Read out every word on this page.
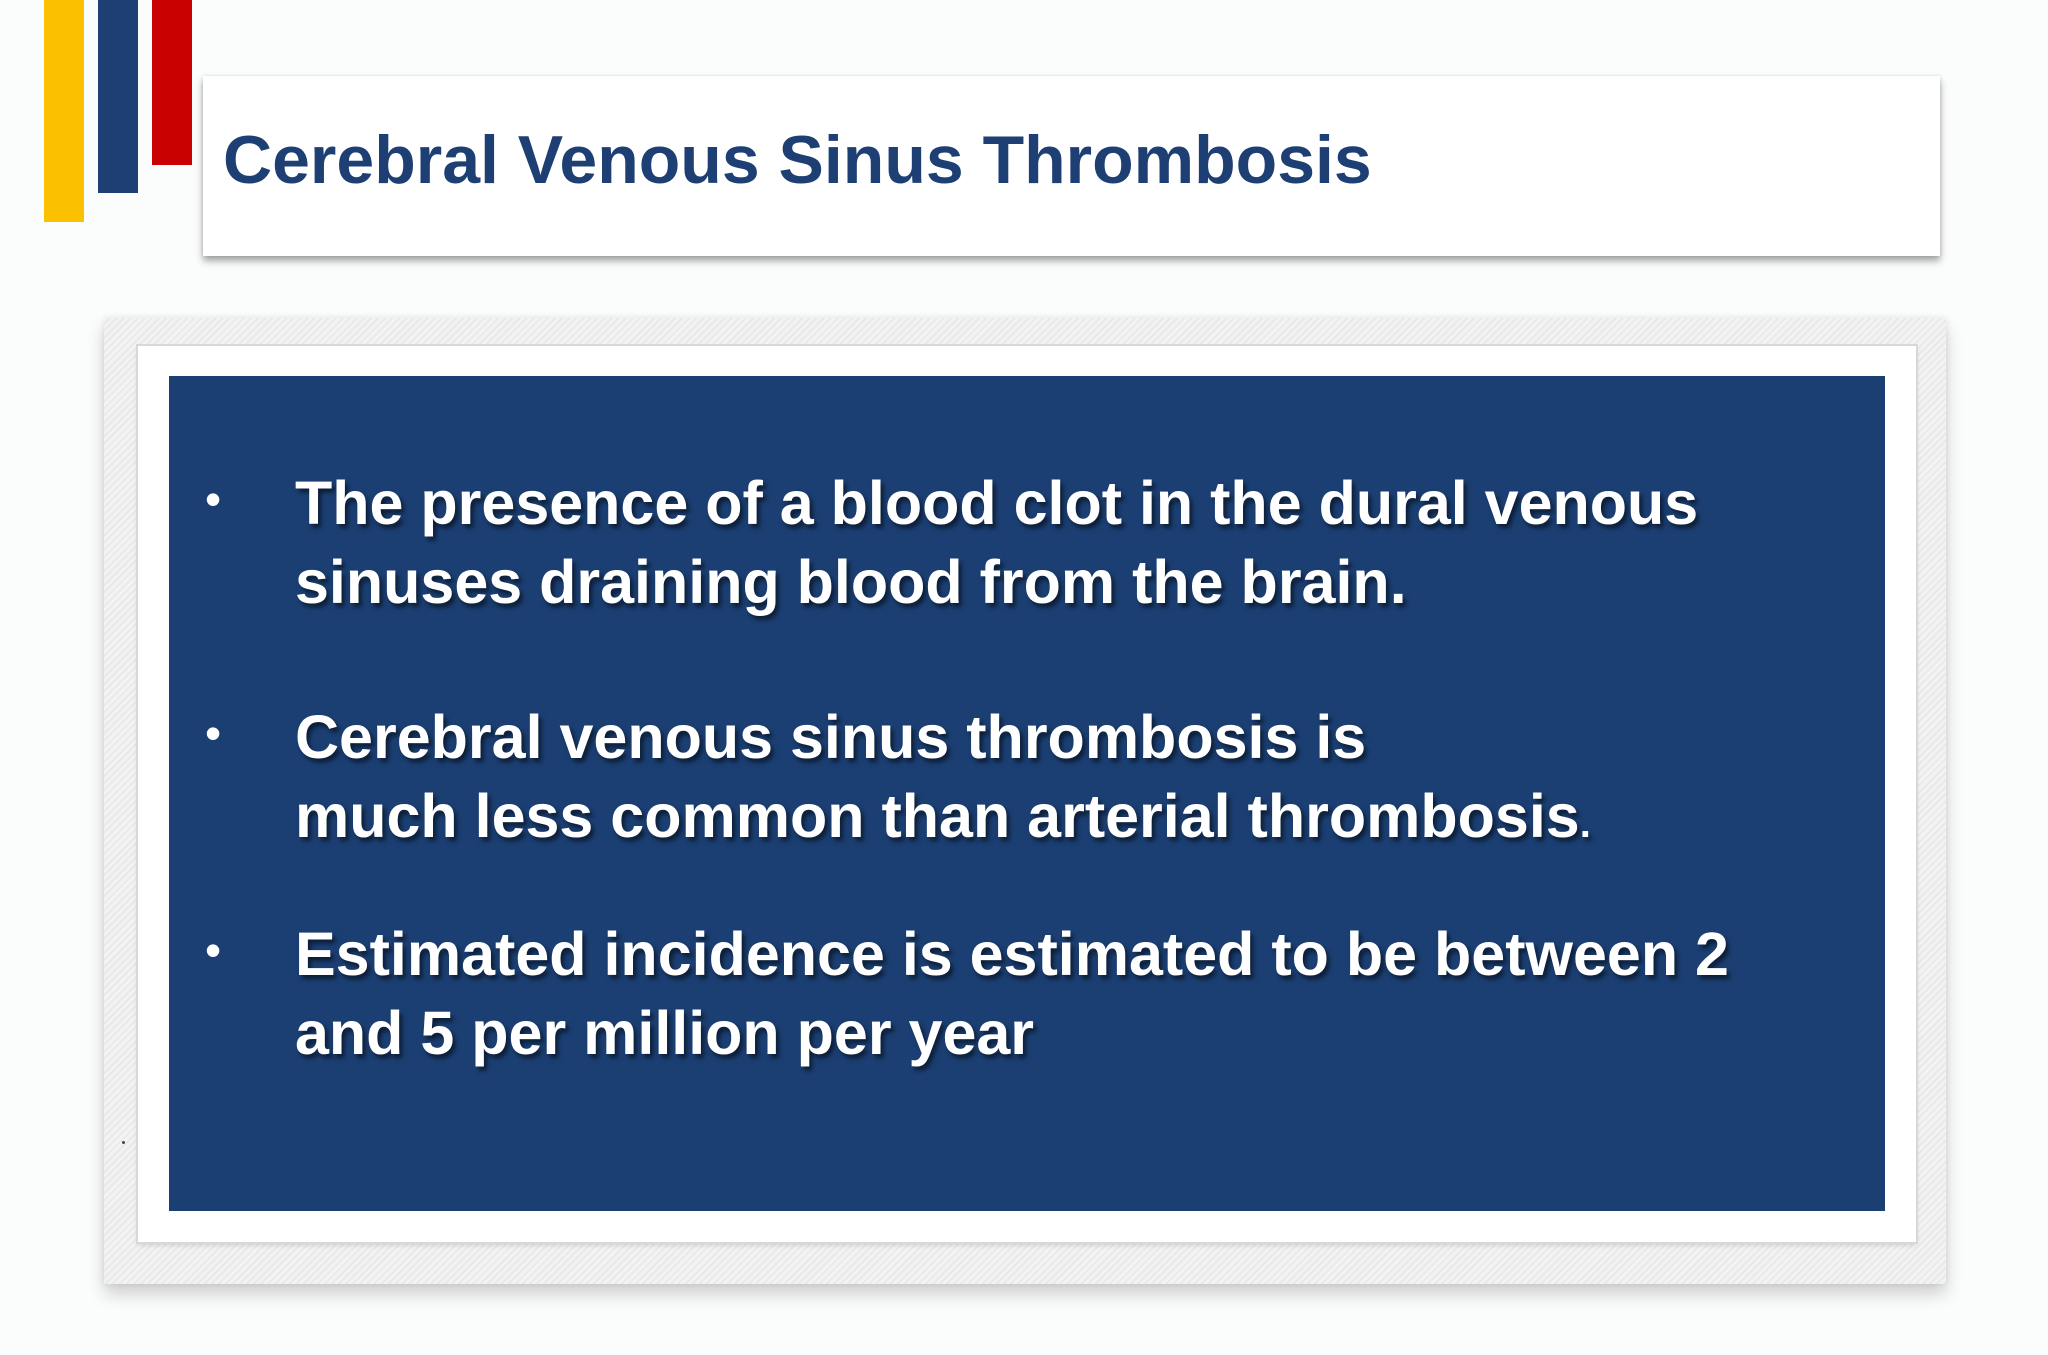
Cerebral Venous Sinus Thrombosis
• The presence of a blood clot in the dural venous
sinuses draining blood from the brain.
• Cerebral venous sinus thrombosis is
much less common than arterial thrombosis.
• Estimated incidence is estimated to be between 2
and 5 per million per year
